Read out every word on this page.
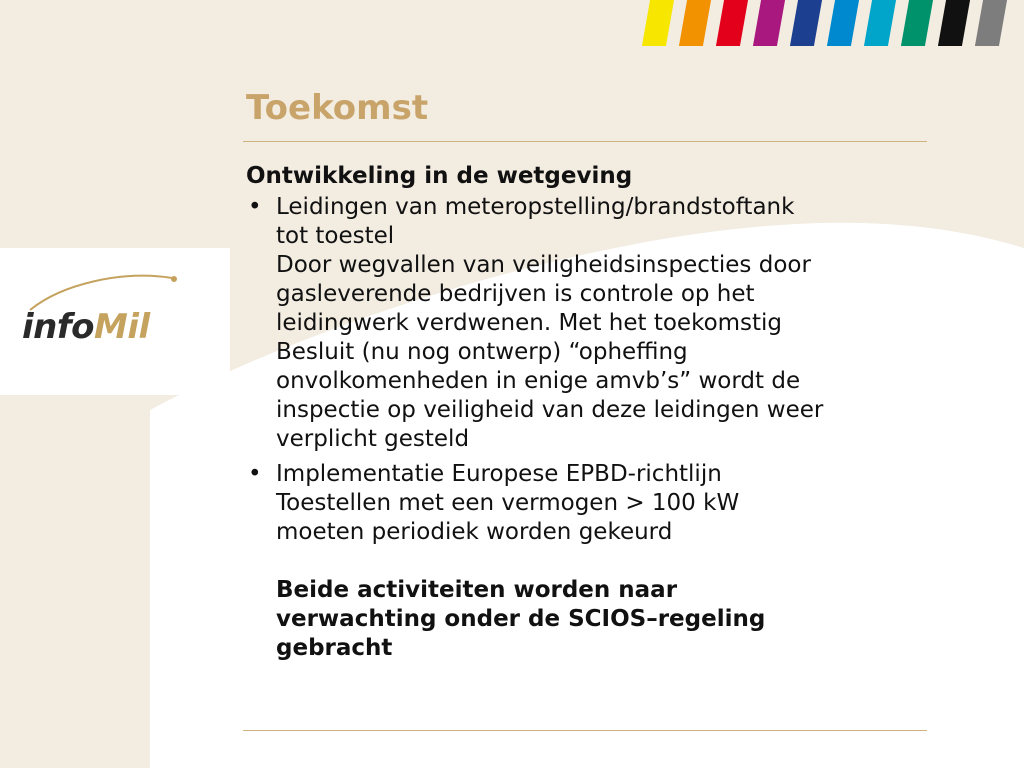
infoMil
Toekomst
Ontwikkeling in de wetgeving
• Leidingen van meteropstelling/brandstoftank
tot toestel
Door wegvallen van veiligheidsinspecties door
gasleverende bedrijven is controle op het
leidingwerk verdwenen. Met het toekomstig
Besluit (nu nog ontwerp) “opheffing
onvolkomenheden in enige amvb’s” wordt de
inspectie op veiligheid van deze leidingen weer
verplicht gesteld
• Implementatie Europese EPBD-richtlijn
Toestellen met een vermogen > 100 kW
moeten periodiek worden gekeurd
Beide activiteiten worden naar
verwachting onder de SCIOS–regeling
gebracht
